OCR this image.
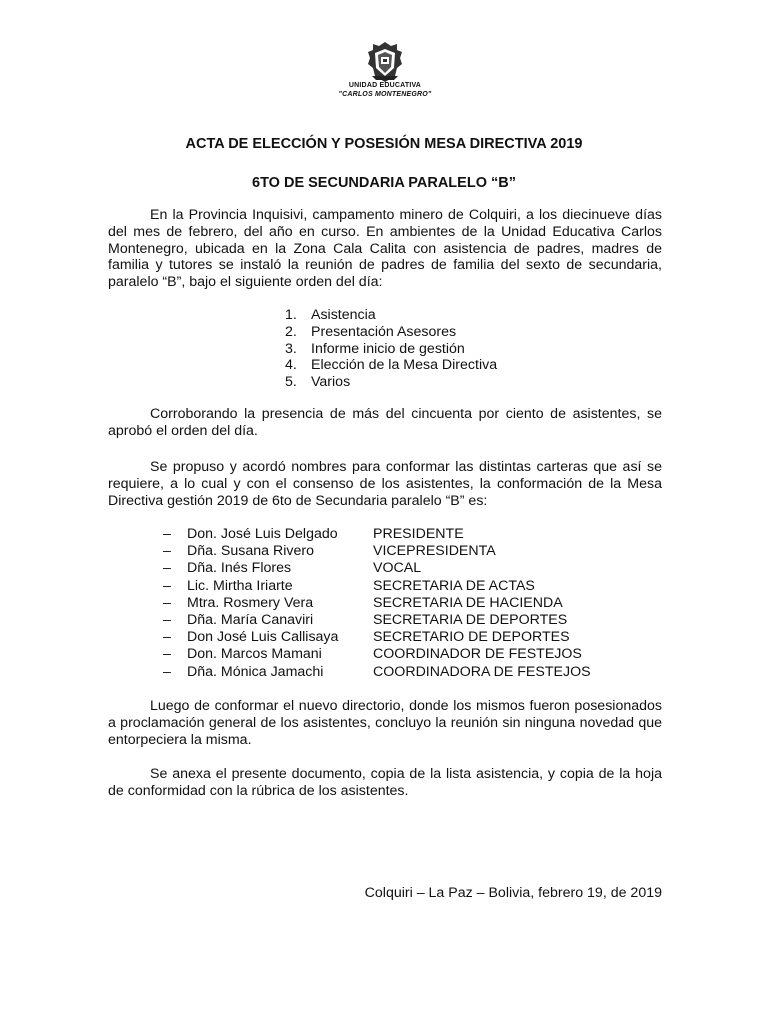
UNIDAD EDUCATIVA
"CARLOS MONTENEGRO"
ACTA DE ELECCIÓN Y POSESIÓN MESA DIRECTIVA 2019
6TO DE SECUNDARIA PARALELO “B”

En la Provincia Inquisivi, campamento minero de Colquiri, a los diecinueve días del mes de febrero, del año en curso. En ambientes de la Unidad Educativa Carlos Montenegro, ubicada en la Zona Cala Calita con asistencia de padres, madres de familia y tutores se instaló la reunión de padres de familia del sexto de secundaria, paralelo “B”, bajo el siguiente orden del día:

1. Asistencia
2. Presentación Asesores
3. Informe inicio de gestión
4. Elección de la Mesa Directiva
5. Varios

Corroborando la presencia de más del cincuenta por ciento de asistentes, se aprobó el orden del día.

Se propuso y acordó nombres para conformar las distintas carteras que así se requiere, a lo cual y con el consenso de los asistentes, la conformación de la Mesa Directiva gestión 2019 de 6to de Secundaria paralelo “B” es:

–	Don. José Luis Delgado	PRESIDENTE
–	Dña. Susana Rivero	VICEPRESIDENTA
–	Dña. Inés Flores	VOCAL
–	Lic. Mirtha Iriarte	SECRETARIA DE ACTAS
–	Mtra. Rosmery Vera	SECRETARIA DE HACIENDA
–	Dña. María Canaviri	SECRETARIA DE DEPORTES
–	Don José Luis Callisaya	SECRETARIO DE DEPORTES
–	Don. Marcos Mamani	COORDINADOR DE FESTEJOS
–	Dña. Mónica Jamachi	COORDINADORA DE FESTEJOS

Luego de conformar el nuevo directorio, donde los mismos fueron posesionados a proclamación general de los asistentes, concluyo la reunión sin ninguna novedad que entorpeciera la misma.

Se anexa el presente documento, copia de la lista asistencia, y copia de la hoja de conformidad con la rúbrica de los asistentes.

Colquiri – La Paz – Bolivia, febrero 19, de 2019
